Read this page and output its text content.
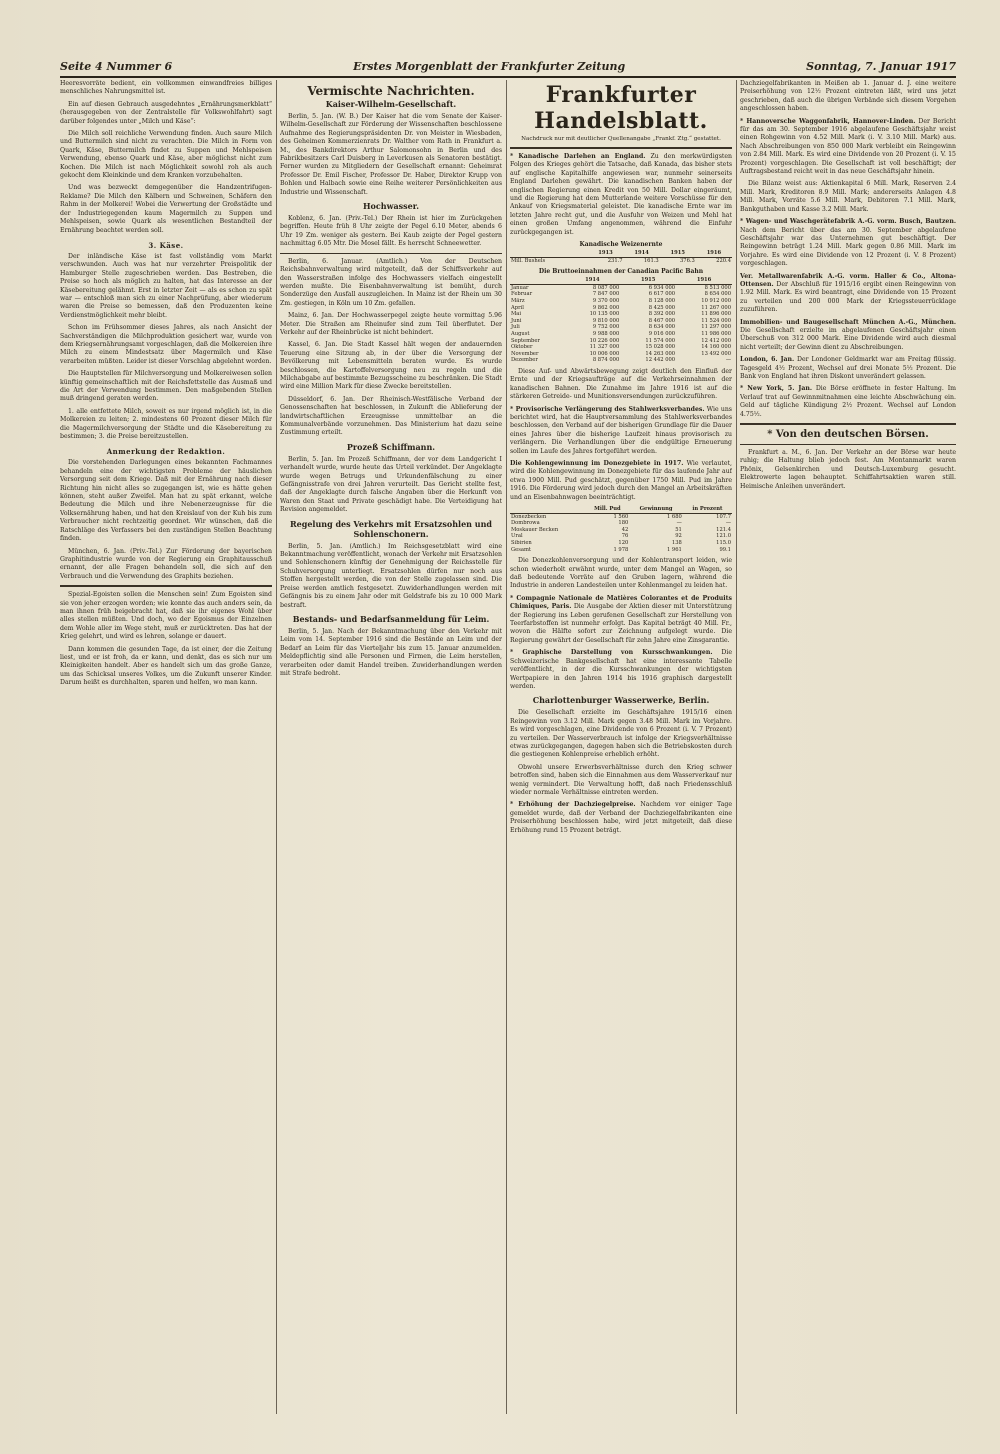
Seite 4 Nummer 6	Erstes Morgenblatt der Frankfurter Zeitung	Sonntag, 7. Januar 1917

Heeresvorräte bedient, ein vollkommen einwandfreies billiges menschliches Nahrungsmittel ist.

Ein auf diesen Gebrauch ausgedehntes „Ernährungsmerkblatt“ (herausgegeben von der Zentralstelle für Volkswohlfahrt) sagt darüber folgendes unter „Milch und Käse“:

Die Milch soll reichliche Verwendung finden. Auch saure Milch und Buttermilch sind nicht zu verachten. Die Milch in Form von Quark, Käse, Buttermilch findet zu Suppen und Mehlspeisen Verwendung, ebenso Quark und Käse, aber möglichst nicht zum Kochen. Die Milch ist nach Möglichkeit sowohl roh als auch gekocht dem Kleinkinde und dem Kranken vorzubehalten.

Und was bezweckt demgegenüber die Handzentrifugen-Reklame? Die Milch den Kälbern und Schweinen, Schäfern den Rahm in der Molkerei! Wobei die Verwertung der Großstädte und der Industriegegenden kaum Magermilch zu Suppen und Mehlspeisen, sowie Quark als wesentlichen Bestandteil der Ernährung beachtet werden soll.

3. Käse.

Der inländische Käse ist fast vollständig vom Markt verschwunden. Auch was hat nur verzehrter Preispolitik der Hamburger Stelle zugeschrieben werden. Das Bestreben, die Preise so hoch als möglich zu halten, hat das Interesse an der Käsebereitung gelähmt. Erst in letzter Zeit — als es schon zu spät war — entschloß man sich zu einer Nachprüfung, aber wiederum waren die Preise so bemessen, daß den Produzenten keine Verdienstmöglichkeit mehr bleibt.

Schon im Frühsommer dieses Jahres, als nach Ansicht der Sachverständigen die Milchproduktion gesichert war, wurde von dem Kriegsernährungsamt vorgeschlagen, daß die Molkereien ihre Milch zu einem Mindestsatz über Magermilch und Käse verarbeiten müßten. Leider ist dieser Vorschlag abgelehnt worden.

Die Hauptstellen für Milchversorgung und Molkereiwesen sollen künftig gemeinschaftlich mit der Reichsfettstelle das Ausmaß und die Art der Verwendung bestimmen. Den maßgebenden Stellen muß dringend geraten werden.

1. alle entfettete Milch, soweit es nur irgend möglich ist, in die Molkereien zu leiten; 2. mindestens 60 Prozent dieser Milch für die Magermilchversorgung der Städte und die Käsebereitung zu bestimmen; 3. die Preise bereitzustellen.

Anmerkung der Redaktion.

Die vorstehenden Darlegungen eines bekannten Fachmannes behandeln eine der wichtigsten Probleme der häuslichen Versorgung seit dem Kriege. Daß mit der Ernährung nach dieser Richtung hin nicht alles so zugegangen ist, wie es hätte gehen können, steht außer Zweifel. Man hat zu spät erkannt, welche Bedeutung die Milch und ihre Nebenerzeugnisse für die Volksernährung haben, und hat den Kreislauf von der Kuh bis zum Verbraucher nicht rechtzeitig geordnet. Wir wünschen, daß die Ratschläge des Verfassers bei den zuständigen Stellen Beachtung finden.

München, 6. Jan. (Priv.-Tel.) Zur Förderung der bayerischen Graphitindustrie wurde von der Regierung ein Graphitausschuß ernannt, der alle Fragen behandeln soll, die sich auf den Verbrauch und die Verwendung des Graphits beziehen.

Spezial-Egoisten sollen die Menschen sein! Zum Egoisten sind sie von jeher erzogen worden; wie konnte das auch anders sein, da man ihnen früh beigebracht hat, daß sie ihr eigenes Wohl über alles stellen müßten. Und doch, wo der Egoismus der Einzelnen dem Wohle aller im Wege steht, muß er zurücktreten. Das hat der Krieg gelehrt, und wird es lehren, solange er dauert.

Dann kommen die gesunden Tage, da ist einer, der die Zeitung liest, und er ist froh, da er kann, und denkt, das es sich nur um Kleinigkeiten handelt. Aber es handelt sich um das große Ganze, um das Schicksal unseres Volkes, um die Zukunft unserer Kinder. Darum heißt es durchhalten, sparen und helfen, wo man kann.

Vermischte Nachrichten.
Kaiser-Wilhelm-Gesellschaft.

Berlin, 5. Jan. (W. B.) Der Kaiser hat die vom Senate der Kaiser-Wilhelm-Gesellschaft zur Förderung der Wissenschaften beschlossene Aufnahme des Regierungspräsidenten Dr. von Meister in Wiesbaden, des Geheimen Kommerzienrats Dr. Walther vom Rath in Frankfurt a. M., des Bankdirektors Arthur Salomonsohn in Berlin und des Fabrikbesitzers Carl Duisberg in Leverkusen als Senatoren bestätigt. Ferner wurden zu Mitgliedern der Gesellschaft ernannt: Geheimrat Professor Dr. Emil Fischer, Professor Dr. Haber, Direktor Krupp von Bohlen und Halbach sowie eine Reihe weiterer Persönlichkeiten aus Industrie und Wissenschaft.

Hochwasser.

Koblenz, 6. Jan. (Priv.-Tel.) Der Rhein ist hier im Zurückgehen begriffen. Heute früh 8 Uhr zeigte der Pegel 6.10 Meter, abends 6 Uhr 19 Zm. weniger als gestern. Bei Kaub zeigte der Pegel gestern nachmittag 6.05 Mtr. Die Mosel fällt. Es herrscht Schneewetter.

Berlin, 6. Januar. (Amtlich.) Von der Deutschen Reichsbahnverwaltung wird mitgeteilt, daß der Schiffsverkehr auf den Wasserstraßen infolge des Hochwassers vielfach eingestellt werden mußte. Die Eisenbahnverwaltung ist bemüht, durch Sonderzüge den Ausfall auszugleichen. In Mainz ist der Rhein um 30 Zm. gestiegen, in Köln um 10 Zm. gefallen.

Mainz, 6. Jan. Der Hochwasserpegel zeigte heute vormittag 5.96 Meter. Die Straßen am Rheinufer sind zum Teil überflutet. Der Verkehr auf der Rheinbrücke ist nicht behindert.

Kassel, 6. Jan. Die Stadt Kassel hält wegen der andauernden Teuerung eine Sitzung ab, in der über die Versorgung der Bevölkerung mit Lebensmitteln beraten wurde. Es wurde beschlossen, die Kartoffelversorgung neu zu regeln und die Milchabgabe auf bestimmte Bezugsscheine zu beschränken. Die Stadt wird eine Million Mark für diese Zwecke bereitstellen.

Düsseldorf, 6. Jan. Der Rheinisch-Westfälische Verband der Genossenschaften hat beschlossen, in Zukunft die Ablieferung der landwirtschaftlichen Erzeugnisse unmittelbar an die Kommunalverbände vorzunehmen. Das Ministerium hat dazu seine Zustimmung erteilt.

Prozeß Schiffmann.

Berlin, 5. Jan. Im Prozeß Schiffmann, der vor dem Landgericht I verhandelt wurde, wurde heute das Urteil verkündet. Der Angeklagte wurde wegen Betrugs und Urkundenfälschung zu einer Gefängnisstrafe von drei Jahren verurteilt. Das Gericht stellte fest, daß der Angeklagte durch falsche Angaben über die Herkunft von Waren den Staat und Private geschädigt habe. Die Verteidigung hat Revision angemeldet.

Regelung des Verkehrs mit Ersatzsohlen und Sohlenschonern.

Berlin, 5. Jan. (Amtlich.) Im Reichsgesetzblatt wird eine Bekanntmachung veröffentlicht, wonach der Verkehr mit Ersatzsohlen und Sohlenschonern künftig der Genehmigung der Reichsstelle für Schuhversorgung unterliegt. Ersatzsohlen dürfen nur noch aus Stoffen hergestellt werden, die von der Stelle zugelassen sind. Die Preise werden amtlich festgesetzt. Zuwiderhandlungen werden mit Gefängnis bis zu einem Jahr oder mit Geldstrafe bis zu 10 000 Mark bestraft.

Bestands- und Bedarfsanmeldung für Leim.

Berlin, 5. Jan. Nach der Bekanntmachung über den Verkehr mit Leim vom 14. September 1916 sind die Bestände an Leim und der Bedarf an Leim für das Vierteljahr bis zum 15. Januar anzumelden. Meldepflichtig sind alle Personen und Firmen, die Leim herstellen, verarbeiten oder damit Handel treiben. Zuwiderhandlungen werden mit Strafe bedroht.

Frankfurter Handelsblatt.
Nachdruck nur mit deutlicher Quellenangabe „Frankf. Ztg.“ gestattet.

* Kanadische Darlehen an England. Zu den merkwürdigsten Folgen des Krieges gehört die Tatsache, daß Kanada, das bisher stets auf englische Kapitalhilfe angewiesen war, nunmehr seinerseits England Darlehen gewährt. Die kanadischen Banken haben der englischen Regierung einen Kredit von 50 Mill. Dollar eingeräumt, und die Regierung hat dem Mutterlande weitere Vorschüsse für den Ankauf von Kriegsmaterial geleistet. Die kanadische Ernte war im letzten Jahre recht gut, und die Ausfuhr von Weizen und Mehl hat einen großen Umfang angenommen, während die Einfuhr zurückgegangen ist.

Kanadische Weizenernte
	1913	1914	1915	1916
Mill. Bushels	231.7	161.3	376.3	220.4
Die Bruttoeinnahmen der Canadian Pacific Bahn
	1914	1915	1916
Januar	8 087 000	6 934 000	8 513 000
Februar	7 847 000	6 617 000	8 654 000
März	9 370 000	8 128 000	10 912 000
April	9 862 000	8 425 000	11 267 000
Mai	10 135 000	8 392 000	11 896 000
Juni	9 810 000	8 467 000	11 524 000
Juli	9 752 000	8 634 000	11 297 000
August	9 988 000	9 016 000	11 986 000
September	10 226 000	11 574 000	12 412 000
Oktober	11 327 000	15 028 000	14 160 000
November	10 006 000	14 263 000	13 492 000
Dezember	8 874 000	12 442 000	—

Diese Auf- und Abwärtsbewegung zeigt deutlich den Einfluß der Ernte und der Kriegsaufträge auf die Verkehrseinnahmen der kanadischen Bahnen. Die Zunahme im Jahre 1916 ist auf die stärkeren Getreide- und Munitionsversendungen zurückzuführen.

* Provisorische Verlängerung des Stahlwerksverbandes. Wie uns berichtet wird, hat die Hauptversammlung des Stahlwerksverbandes beschlossen, den Verband auf der bisherigen Grundlage für die Dauer eines Jahres über die bisherige Laufzeit hinaus provisorisch zu verlängern. Die Verhandlungen über die endgültige Erneuerung sollen im Laufe des Jahres fortgeführt werden.

Die Kohlengewinnung im Donezgebiete in 1917. Wie verlautet, wird die Kohlengewinnung im Donezgebiete für das laufende Jahr auf etwa 1900 Mill. Pud geschätzt, gegenüber 1750 Mill. Pud im Jahre 1916. Die Förderung wird jedoch durch den Mangel an Arbeitskräften und an Eisenbahnwagen beeinträchtigt.

	Mill. Pud	Gewinnung	in Prozent
Donezbecken	1 560	1 680	107.7
Dombrowa	180	—	—
Moskauer Becken	42	51	121.4
Ural	76	92	121.0
Sibirien	120	138	115.0
Gesamt	1 978	1 961	99.1

Die Donezkohlenversorgung und der Kohlentransport leiden, wie schon wiederholt erwähnt wurde, unter dem Mangel an Wagen, so daß bedeutende Vorräte auf den Gruben lagern, während die Industrie in anderen Landesteilen unter Kohlenmangel zu leiden hat.

* Compagnie Nationale de Matières Colorantes et de Produits Chimiques, Paris. Die Ausgabe der Aktien dieser mit Unterstützung der Regierung ins Leben gerufenen Gesellschaft zur Herstellung von Teerfarbstoffen ist nunmehr erfolgt. Das Kapital beträgt 40 Mill. Fr., wovon die Hälfte sofort zur Zeichnung aufgelegt wurde. Die Regierung gewährt der Gesellschaft für zehn Jahre eine Zinsgarantie.

* Graphische Darstellung von Kursschwankungen. Die Schweizerische Bankgesellschaft hat eine interessante Tabelle veröffentlicht, in der die Kursschwankungen der wichtigsten Wertpapiere in den Jahren 1914 bis 1916 graphisch dargestellt werden.

Charlottenburger Wasserwerke, Berlin.

Die Gesellschaft erzielte im Geschäftsjahre 1915/16 einen Reingewinn von 3.12 Mill. Mark gegen 3.48 Mill. Mark im Vorjahre. Es wird vorgeschlagen, eine Dividende von 6 Prozent (i. V. 7 Prozent) zu verteilen. Der Wasserverbrauch ist infolge der Kriegsverhältnisse etwas zurückgegangen, dagegen haben sich die Betriebskosten durch die gestiegenen Kohlenpreise erheblich erhöht.

Obwohl unsere Erwerbsverhältnisse durch den Krieg schwer betroffen sind, haben sich die Einnahmen aus dem Wasserverkauf nur wenig vermindert. Die Verwaltung hofft, daß nach Friedensschluß wieder normale Verhältnisse eintreten werden.

* Erhöhung der Dachziegelpreise. Nachdem vor einiger Tage gemeldet wurde, daß der Verband der Dachziegelfabrikanten eine Preiserhöhung beschlossen habe, wird jetzt mitgeteilt, daß diese Erhöhung rund 15 Prozent beträgt.

Dachziegelfabrikanten in Meißen ab 1. Januar d. J. eine weitere Preiserhöhung von 12½ Prozent eintreten läßt, wird uns jetzt geschrieben, daß auch die übrigen Verbände sich diesem Vorgehen angeschlossen haben.

* Hannoversche Waggonfabrik, Hannover-Linden. Der Bericht für das am 30. September 1916 abgelaufene Geschäftsjahr weist einen Rohgewinn von 4.52 Mill. Mark (i. V. 3.10 Mill. Mark) aus. Nach Abschreibungen von 850 000 Mark verbleibt ein Reingewinn von 2.84 Mill. Mark. Es wird eine Dividende von 20 Prozent (i. V. 15 Prozent) vorgeschlagen. Die Gesellschaft ist voll beschäftigt; der Auftragsbestand reicht weit in das neue Geschäftsjahr hinein.

Die Bilanz weist aus: Aktienkapital 6 Mill. Mark, Reserven 2.4 Mill. Mark, Kreditoren 8.9 Mill. Mark; andererseits Anlagen 4.8 Mill. Mark, Vorräte 5.6 Mill. Mark, Debitoren 7.1 Mill. Mark, Bankguthaben und Kasse 3.2 Mill. Mark.

* Wagen- und Waschgerätefabrik A.-G. vorm. Busch, Bautzen. Nach dem Bericht über das am 30. September abgelaufene Geschäftsjahr war das Unternehmen gut beschäftigt. Der Reingewinn beträgt 1.24 Mill. Mark gegen 0.86 Mill. Mark im Vorjahre. Es wird eine Dividende von 12 Prozent (i. V. 8 Prozent) vorgeschlagen.

Ver. Metallwarenfabrik A.-G. vorm. Haller & Co., Altona-Ottensen. Der Abschluß für 1915/16 ergibt einen Reingewinn von 1.92 Mill. Mark. Es wird beantragt, eine Dividende von 15 Prozent zu verteilen und 200 000 Mark der Kriegssteuerrücklage zuzuführen.

Immobilien- und Baugesellschaft München A.-G., München. Die Gesellschaft erzielte im abgelaufenen Geschäftsjahr einen Überschuß von 312 000 Mark. Eine Dividende wird auch diesmal nicht verteilt; der Gewinn dient zu Abschreibungen.

London, 6. Jan. Der Londoner Geldmarkt war am Freitag flüssig. Tagesgeld 4½ Prozent, Wechsel auf drei Monate 5½ Prozent. Die Bank von England hat ihren Diskont unverändert gelassen.

* New York, 5. Jan. Die Börse eröffnete in fester Haltung. Im Verlauf trat auf Gewinnmitnahmen eine leichte Abschwächung ein. Geld auf tägliche Kündigung 2½ Prozent. Wechsel auf London 4.75½.

* Von den deutschen Börsen.

Frankfurt a. M., 6. Jan. Der Verkehr an der Börse war heute ruhig; die Haltung blieb jedoch fest. Am Montanmarkt waren Phönix, Gelsenkirchen und Deutsch-Luxemburg gesucht. Elektrowerte lagen behauptet. Schiffahrtsaktien waren still. Heimische Anleihen unverändert.
